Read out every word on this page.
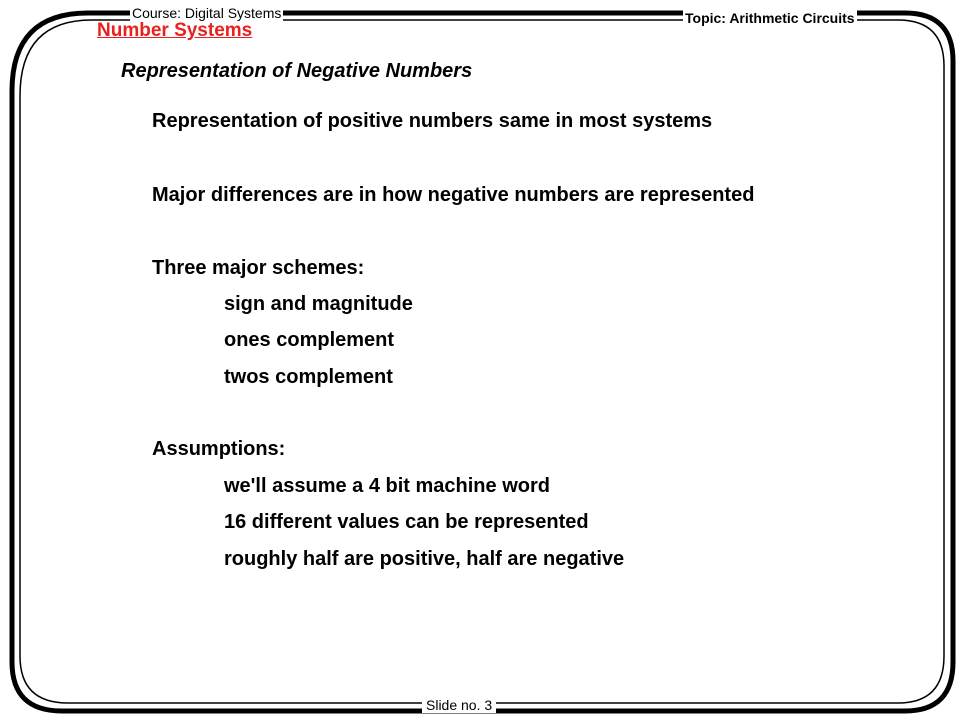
Course: Digital Systems	Topic: Arithmetic Circuits
Number Systems
Representation of Negative Numbers
Representation of positive numbers same in most systems
Major differences are in how negative numbers are represented
Three major schemes:
sign and magnitude
ones complement
twos complement
Assumptions:
we'll assume a 4 bit machine word
16 different values can be represented
roughly half are positive, half are negative
Slide no. 3
